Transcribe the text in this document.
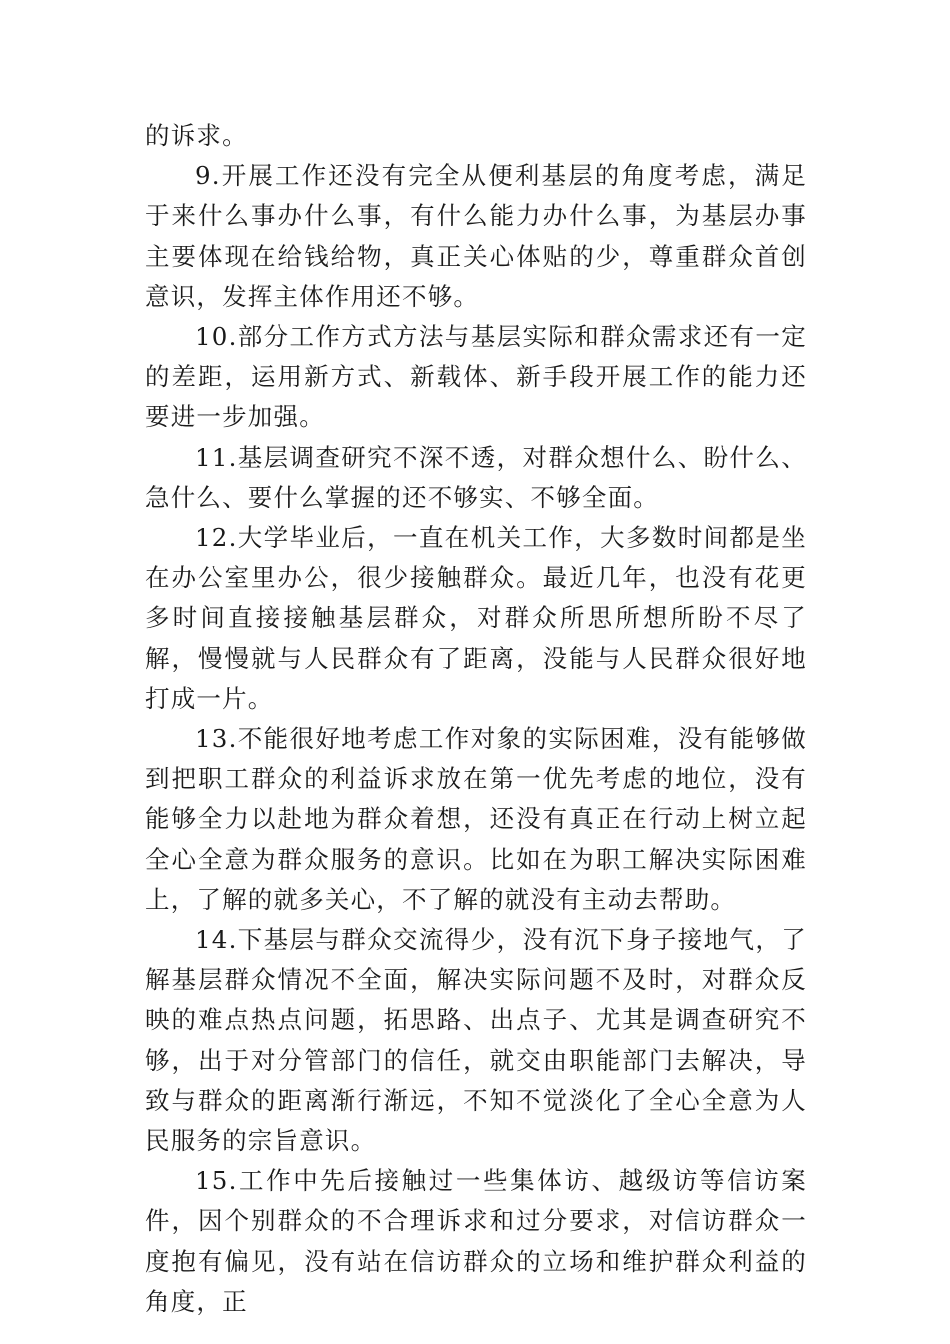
的诉求。

9.开展工作还没有完全从便利基层的角度考虑，满足于来什么事办什么事，有什么能力办什么事，为基层办事主要体现在给钱给物，真正关心体贴的少，尊重群众首创意识，发挥主体作用还不够。

10.部分工作方式方法与基层实际和群众需求还有一定的差距，运用新方式、新载体、新手段开展工作的能力还要进一步加强。

11.基层调查研究不深不透，对群众想什么、盼什么、急什么、要什么掌握的还不够实、不够全面。

12.大学毕业后，一直在机关工作，大多数时间都是坐在办公室里办公，很少接触群众。最近几年，也没有花更多时间直接接触基层群众，对群众所思所想所盼不尽了解，慢慢就与人民群众有了距离，没能与人民群众很好地打成一片。

13.不能很好地考虑工作对象的实际困难，没有能够做到把职工群众的利益诉求放在第一优先考虑的地位，没有能够全力以赴地为群众着想，还没有真正在行动上树立起全心全意为群众服务的意识。比如在为职工解决实际困难上，了解的就多关心，不了解的就没有主动去帮助。

14.下基层与群众交流得少，没有沉下身子接地气，了解基层群众情况不全面，解决实际问题不及时，对群众反映的难点热点问题，拓思路、出点子、尤其是调查研究不够，出于对分管部门的信任，就交由职能部门去解决，导致与群众的距离渐行渐远，不知不觉淡化了全心全意为人民服务的宗旨意识。

15.工作中先后接触过一些集体访、越级访等信访案件，因个别群众的不合理诉求和过分要求，对信访群众一度抱有偏见，没有站在信访群众的立场和维护群众利益的角度，正
